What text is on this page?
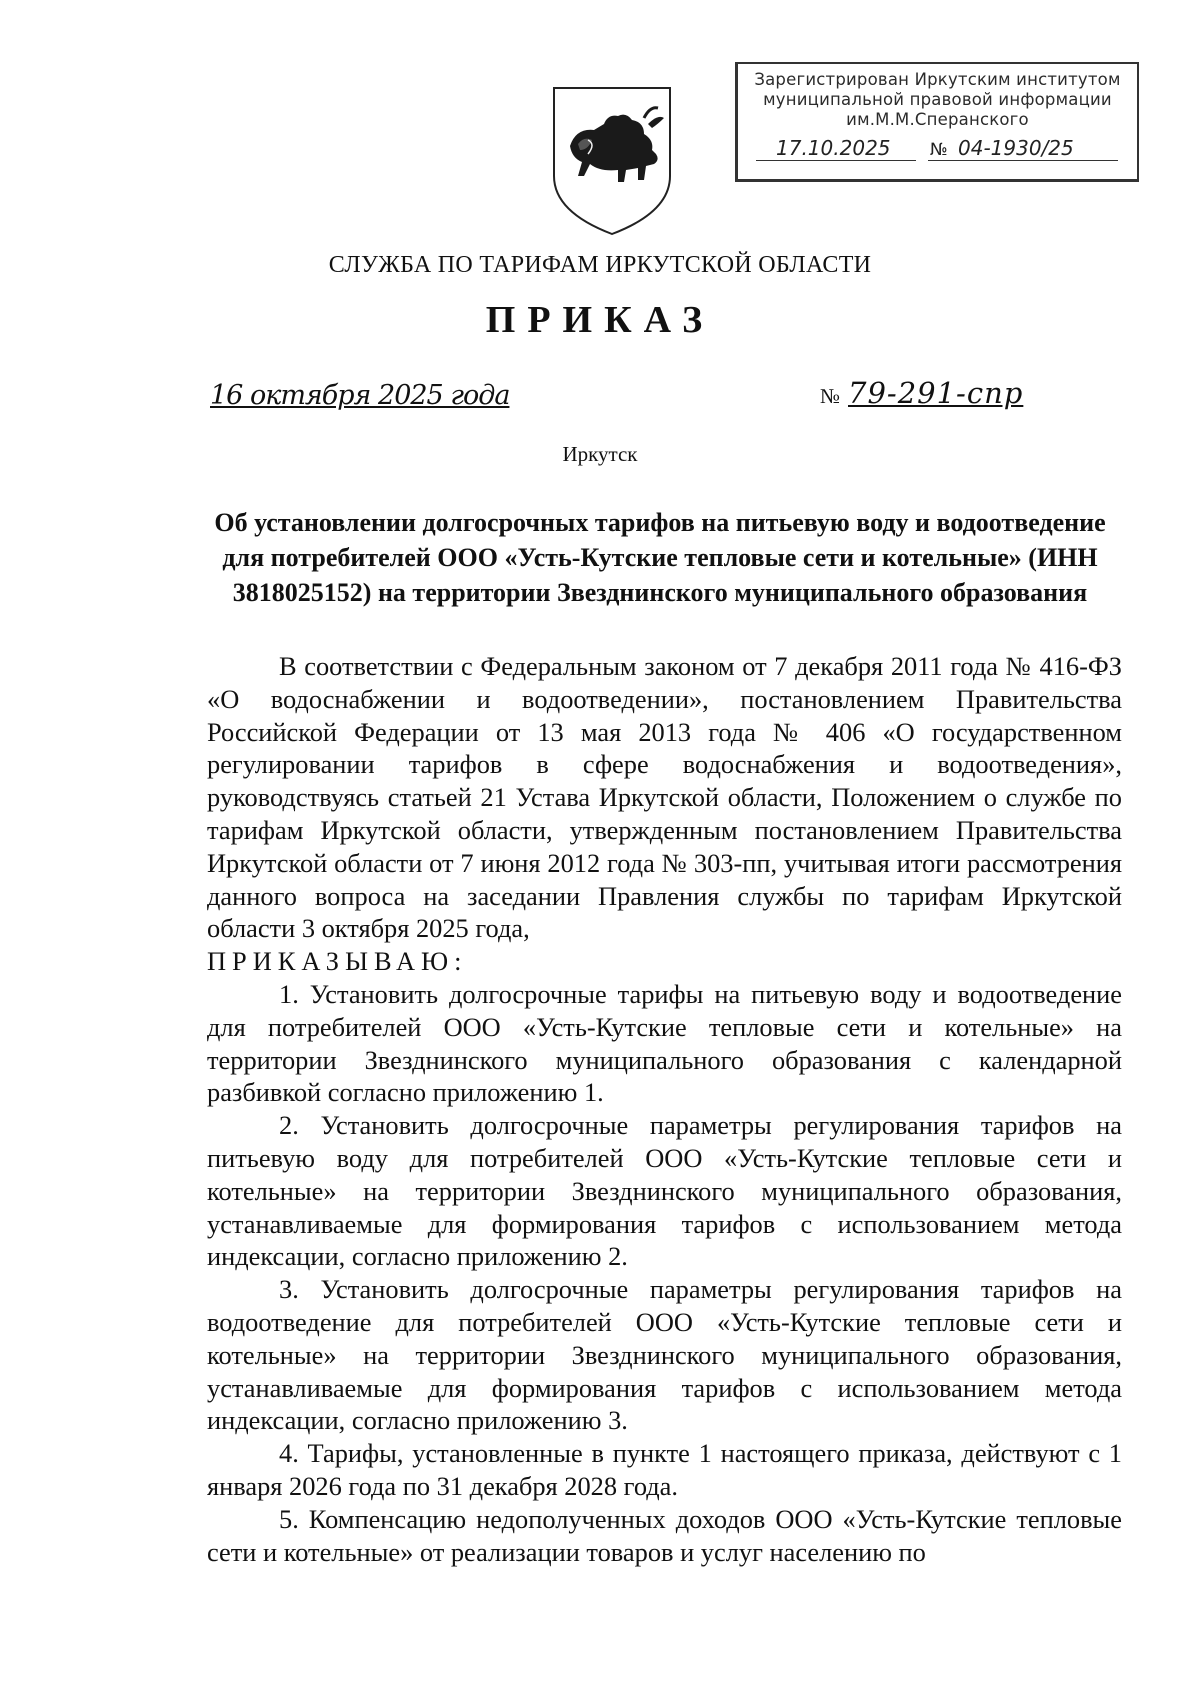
Зарегистрирован Иркутским институтом
муниципальной правовой информации
им.М.М.Сперанского
17.10.2025 № 04-1930/25
СЛУЖБА ПО ТАРИФАМ ИРКУТСКОЙ ОБЛАСТИ
ПРИКАЗ
16 октября 2025 года	№ 79-291-спр
Иркутск
Об установлении долгосрочных тарифов на питьевую воду и водоотведение для потребителей ООО «Усть-Кутские тепловые сети и котельные» (ИНН 3818025152) на территории Звезднинского муниципального образования

В соответствии с Федеральным законом от 7 декабря 2011 года № 416-ФЗ «О водоснабжении и водоотведении», постановлением Правительства Российской Федерации от 13 мая 2013 года № 406 «О государственном регулировании тарифов в сфере водоснабжения и водоотведения», руководствуясь статьей 21 Устава Иркутской области, Положением о службе по тарифам Иркутской области, утвержденным постановлением Правительства Иркутской области от 7 июня 2012 года № 303-пп, учитывая итоги рассмотрения данного вопроса на заседании Правления службы по тарифам Иркутской области 3 октября 2025 года,

ПРИКАЗЫВАЮ:

1. Установить долгосрочные тарифы на питьевую воду и водоотведение для потребителей ООО «Усть-Кутские тепловые сети и котельные» на территории Звезднинского муниципального образования с календарной разбивкой согласно приложению 1.

2. Установить долгосрочные параметры регулирования тарифов на питьевую воду для потребителей ООО «Усть-Кутские тепловые сети и котельные» на территории Звезднинского муниципального образования, устанавливаемые для формирования тарифов с использованием метода индексации, согласно приложению 2.

3. Установить долгосрочные параметры регулирования тарифов на водоотведение для потребителей ООО «Усть-Кутские тепловые сети и котельные» на территории Звезднинского муниципального образования, устанавливаемые для формирования тарифов с использованием метода индексации, согласно приложению 3.

4. Тарифы, установленные в пункте 1 настоящего приказа, действуют с 1 января 2026 года по 31 декабря 2028 года.

5. Компенсацию недополученных доходов ООО «Усть-Кутские тепловые сети и котельные» от реализации товаров и услуг населению по
